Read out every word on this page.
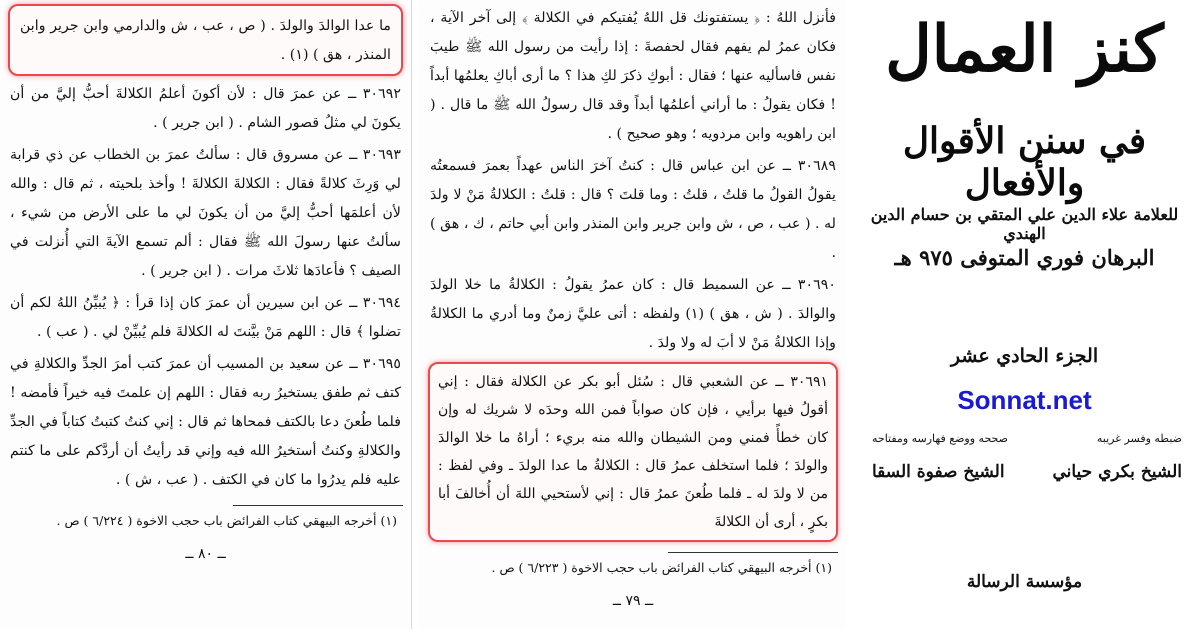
ما عدا الوالدَ والولدَ . ( ص ، عب ، ش والدارمي وابن جرير وابن المنذر ، هق ) (١) .

٣٠٦٩٢ ــ عن عمرَ قال : لأن أكونَ أعلمُ الكلالةَ أحبُّ إليَّ من أن يكونَ لي مثلُ قصور الشام . ( ابن جرير ) .

٣٠٦٩٣ ــ عن مسروق قال : سألتُ عمرَ بن الخطاب عن ذي قرابة لي وَرِثَ كلالةً فقال : الكلالةَ الكلالةَ ! وأخذ بلحيته ، ثم قال : والله لأن أعلمَها أحبُّ إليَّ من أن يكونَ لي ما على الأرض من شيء ، سألتُ عنها رسولَ الله ﷺ فقال : ألم تسمع الآيةَ التي أُنزلت في الصيف ؟ فأعادَها ثلاثَ مرات . ( ابن جرير ) .

٣٠٦٩٤ ــ عن ابن سيرين أن عمرَ كان إذا قرأ : ﴿ يُبيِّنُ اللهُ لكم أن تضلوا ﴾ قال : اللهم مَنْ بيَّنتَ له الكلالةَ فلم يُبيِّنْ لي . ( عب ) .

٣٠٦٩٥ ــ عن سعيد بن المسيب أن عمرَ كتب أمرَ الجدِّ والكلالةِ في كتف ثم طفق يستخيرُ ربه فقال : اللهم إن علمتَ فيه خيراً فأمضه ! فلما طُعنَ دعا بالكتف فمحاها ثم قال : إني كنتُ كتبتُ كتاباً في الجدِّ والكلالةِ وكنتُ أستخيرُ الله فيه وإني قد رأيتُ أن أردَّكم على ما كنتم عليه فلم يدرُوا ما كان في الكتف . ( عب ، ش ) .

(١) أخرجه البيهقي كتاب الفرائض باب حجب الاخوة ( ٦/٢٢٤ ) ص .
ــ ٨٠ ــ

فأنزل اللهُ : ﴿ يستفتونك قل اللهُ يُفتيكم في الكلالة ﴾ إلى آخر الآية ، فكان عمرُ لم يفهم فقال لحفصةَ : إذا رأيت من رسول الله ﷺ طيبَ نفس فاسأليه عنها ؛ فقال : أبوكِ ذكرَ لكِ هذا ؟ ما أرى أباكِ يعلمُها أبداً ! فكان يقولُ : ما أراني أعلمُها أبداً وقد قال رسولُ الله ﷺ ما قال . ( ابن راهويه وابن مردويه ؛ وهو صحيح ) .

٣٠٦٨٩ ــ عن ابن عباس قال : كنتُ آخرَ الناس عهداً بعمرَ فسمعتُه يقولُ القولُ ما قلتُ ، قلتُ : وما قلتَ ؟ قال : قلتُ : الكلالةُ مَنْ لا ولدَ له . ( عب ، ص ، ش وابن جرير وابن المنذر وابن أبي حاتم ، ك ، هق ) .

٣٠٦٩٠ ــ عن السميط قال : كان عمرُ يقولُ : الكلالةُ ما خلا الولدَ والوالدَ . ( ش ، هق ) (١) ولفظه : أتى عليَّ زمنٌ وما أدري ما الكلالةُ وإذا الكلالةُ مَنْ لا أبَ له ولا ولدَ .

٣٠٦٩١ ــ عن الشعبي قال : سُئل أبو بكر عن الكلالة فقال : إني أقولُ فيها برأيي ، فإن كان صواباً فمن الله وحدَه لا شريك له وإن كان خطأً فمني ومن الشيطان والله منه بريء ؛ أراهُ ما خلا الوالدَ والولدَ ؛ فلما استخلف عمرُ قال : الكلالةُ ما عدا الولدَ ـ وفي لفظ : من لا ولدَ له ـ فلما طُعنَ عمرُ قال : إني لأستحيي اللهَ أن أُخالفَ أبا بكرٍ ، أرى أن الكلالةَ

(١) أخرجه البيهقي كتاب الفرائض باب حجب الاخوة ( ٦/٢٢٣ ) ص .
ــ ٧٩ ــ
كنز العمال
في سنن الأقوال والأفعال
للعلامة علاء الدين علي المتقي بن حسام الدين الهندي
البرهان فوري المتوفى ٩٧٥ هـ
الجزء الحادي عشر
Sonnat.net
ضبطه وفسر غريبه
صححه ووضع فهارسه ومفتاحه
الشيخ بكري حياني
الشيخ صفوة السقا
مؤسسة الرسالة
